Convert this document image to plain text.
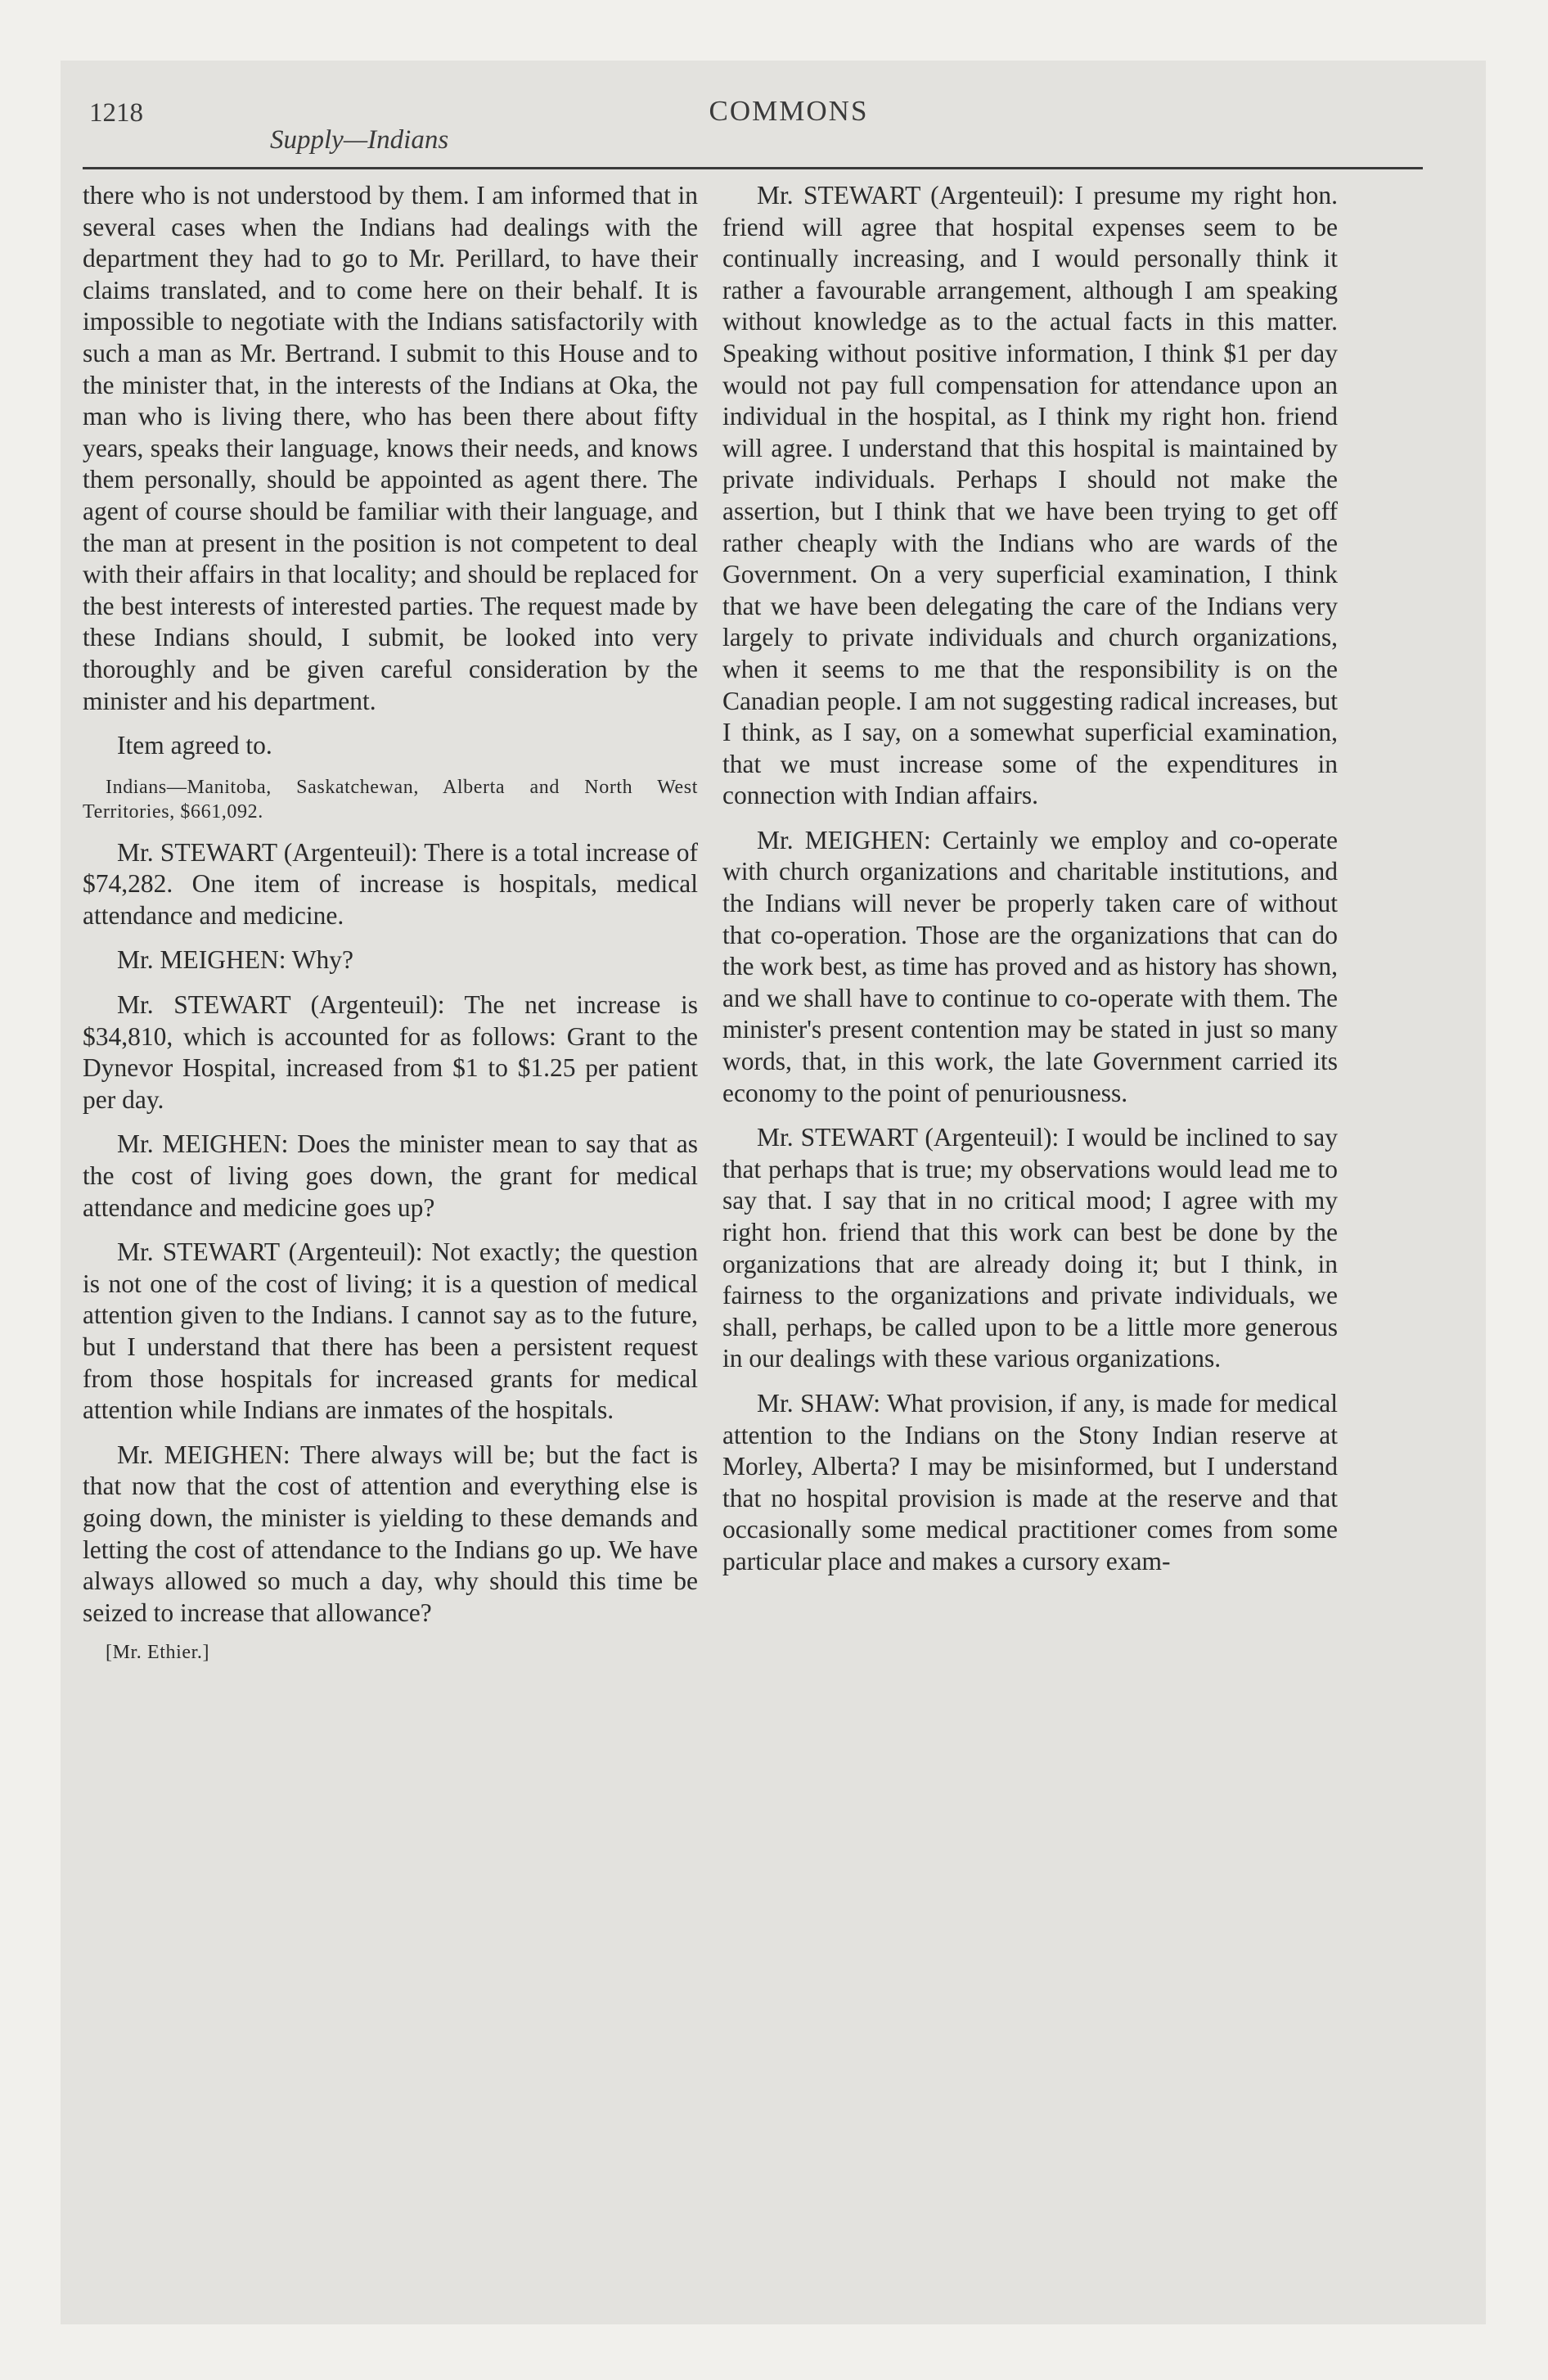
1218	COMMONS
Supply—Indians

there who is not understood by them. I am informed that in several cases when the Indians had dealings with the department they had to go to Mr. Perillard, to have their claims translated, and to come here on their behalf. It is impossible to negotiate with the Indians satisfactorily with such a man as Mr. Bertrand. I submit to this House and to the minister that, in the interests of the Indians at Oka, the man who is living there, who has been there about fifty years, speaks their language, knows their needs, and knows them personally, should be appointed as agent there. The agent of course should be familiar with their language, and the man at present in the position is not competent to deal with their affairs in that locality; and should be replaced for the best interests of interested parties. The request made by these Indians should, I submit, be looked into very thoroughly and be given careful consideration by the minister and his department.

Item agreed to.

Indians—Manitoba, Saskatchewan, Alberta and North West Territories, $661,092.

Mr. STEWART (Argenteuil): There is a total increase of $74,282. One item of increase is hospitals, medical attendance and medicine.

Mr. MEIGHEN: Why?

Mr. STEWART (Argenteuil): The net increase is $34,810, which is accounted for as follows: Grant to the Dynevor Hospital, increased from $1 to $1.25 per patient per day.

Mr. MEIGHEN: Does the minister mean to say that as the cost of living goes down, the grant for medical attendance and medicine goes up?

Mr. STEWART (Argenteuil): Not exactly; the question is not one of the cost of living; it is a question of medical attention given to the Indians. I cannot say as to the future, but I understand that there has been a persistent request from those hospitals for increased grants for medical attention while Indians are inmates of the hospitals.

Mr. MEIGHEN: There always will be; but the fact is that now that the cost of attention and everything else is going down, the minister is yielding to these demands and letting the cost of attendance to the Indians go up. We have always allowed so much a day, why should this time be seized to increase that allowance?

[Mr. Ethier.]

Mr. STEWART (Argenteuil): I presume my right hon. friend will agree that hospital expenses seem to be continually increasing, and I would personally think it rather a favourable arrangement, although I am speaking without knowledge as to the actual facts in this matter. Speaking without positive information, I think $1 per day would not pay full compensation for attendance upon an individual in the hospital, as I think my right hon. friend will agree. I understand that this hospital is maintained by private individuals. Perhaps I should not make the assertion, but I think that we have been trying to get off rather cheaply with the Indians who are wards of the Government. On a very superficial examination, I think that we have been delegating the care of the Indians very largely to private individuals and church organizations, when it seems to me that the responsibility is on the Canadian people. I am not suggesting radical increases, but I think, as I say, on a somewhat superficial examination, that we must increase some of the expenditures in connection with Indian affairs.

Mr. MEIGHEN: Certainly we employ and co-operate with church organizations and charitable institutions, and the Indians will never be properly taken care of without that co-operation. Those are the organizations that can do the work best, as time has proved and as history has shown, and we shall have to continue to co-operate with them. The minister's present contention may be stated in just so many words, that, in this work, the late Government carried its economy to the point of penuriousness.

Mr. STEWART (Argenteuil): I would be inclined to say that perhaps that is true; my observations would lead me to say that. I say that in no critical mood; I agree with my right hon. friend that this work can best be done by the organizations that are already doing it; but I think, in fairness to the organizations and private individuals, we shall, perhaps, be called upon to be a little more generous in our dealings with these various organizations.

Mr. SHAW: What provision, if any, is made for medical attention to the Indians on the Stony Indian reserve at Morley, Alberta? I may be misinformed, but I understand that no hospital provision is made at the reserve and that occasionally some medical practitioner comes from some particular place and makes a cursory exam-
